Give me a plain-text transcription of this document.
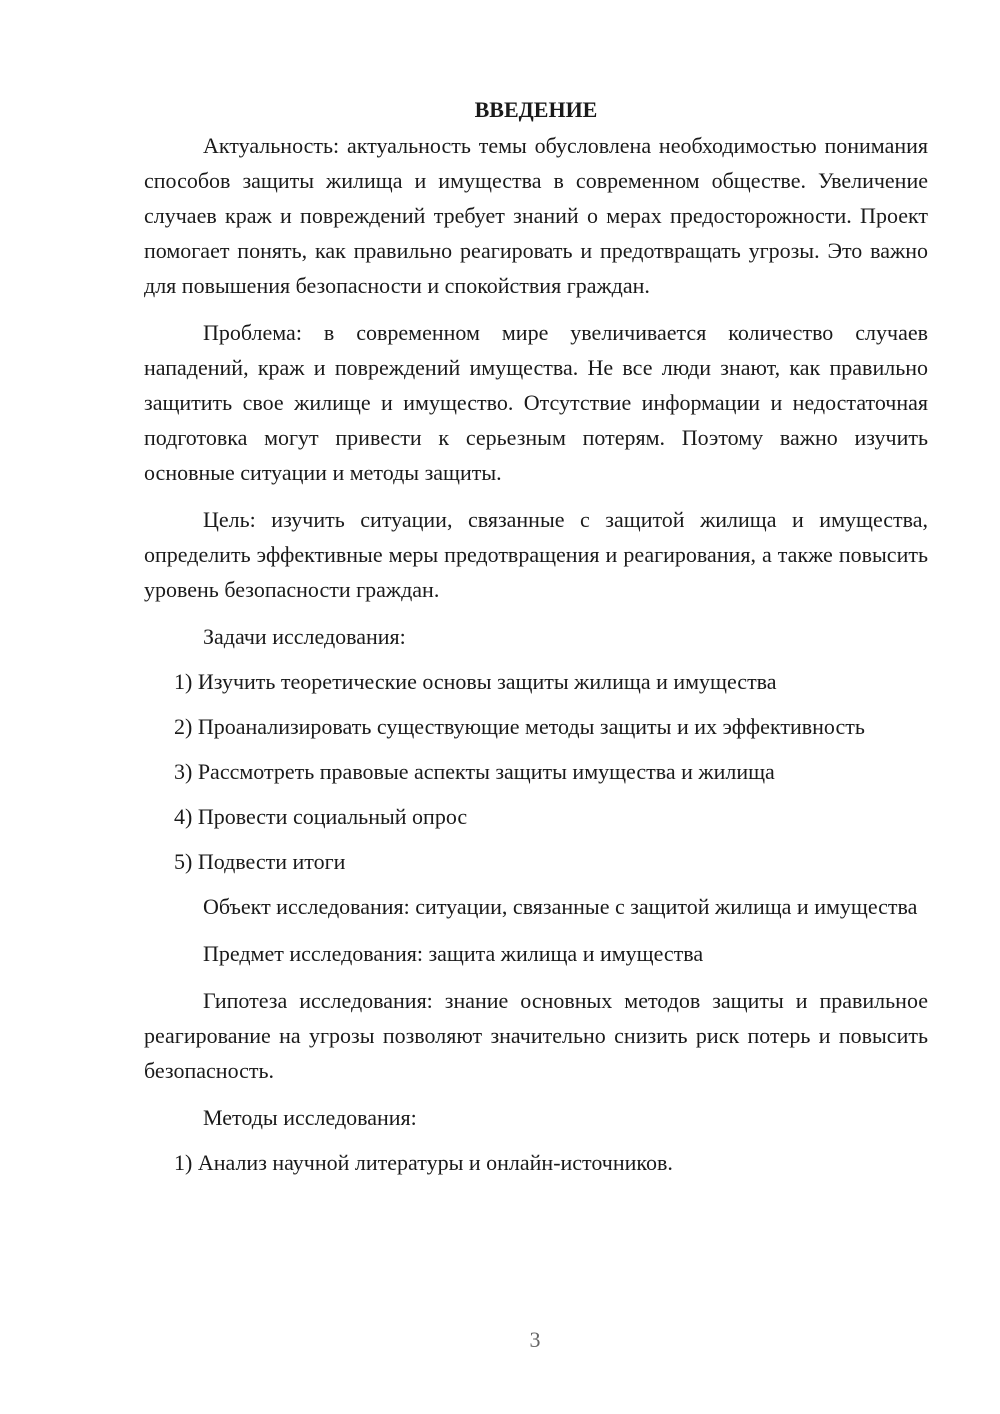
ВВЕДЕНИЕ
Актуальность: актуальность темы обусловлена необходимостью понимания способов защиты жилища и имущества в современном обществе. Увеличение случаев краж и повреждений требует знаний о мерах предосторожности. Проект помогает понять, как правильно реагировать и предотвращать угрозы. Это важно для повышения безопасности и спокойствия граждан.
Проблема: в современном мире увеличивается количество случаев нападений, краж и повреждений имущества. Не все люди знают, как правильно защитить свое жилище и имущество. Отсутствие информации и недостаточная подготовка могут привести к серьезным потерям. Поэтому важно изучить основные ситуации и методы защиты.
Цель: изучить ситуации, связанные с защитой жилища и имущества, определить эффективные меры предотвращения и реагирования, а также повысить уровень безопасности граждан.
Задачи исследования:
1) Изучить теоретические основы защиты жилища и имущества
2) Проанализировать существующие методы защиты и их эффективность
3) Рассмотреть правовые аспекты защиты имущества и жилища
4) Провести социальный опрос
5) Подвести итоги
Объект исследования: ситуации, связанные с защитой жилища и имущества
Предмет исследования: защита жилища и имущества
Гипотеза исследования: знание основных методов защиты и правильное реагирование на угрозы позволяют значительно снизить риск потерь и повысить безопасность.
Методы исследования:
1) Анализ научной литературы и онлайн-источников.
3
